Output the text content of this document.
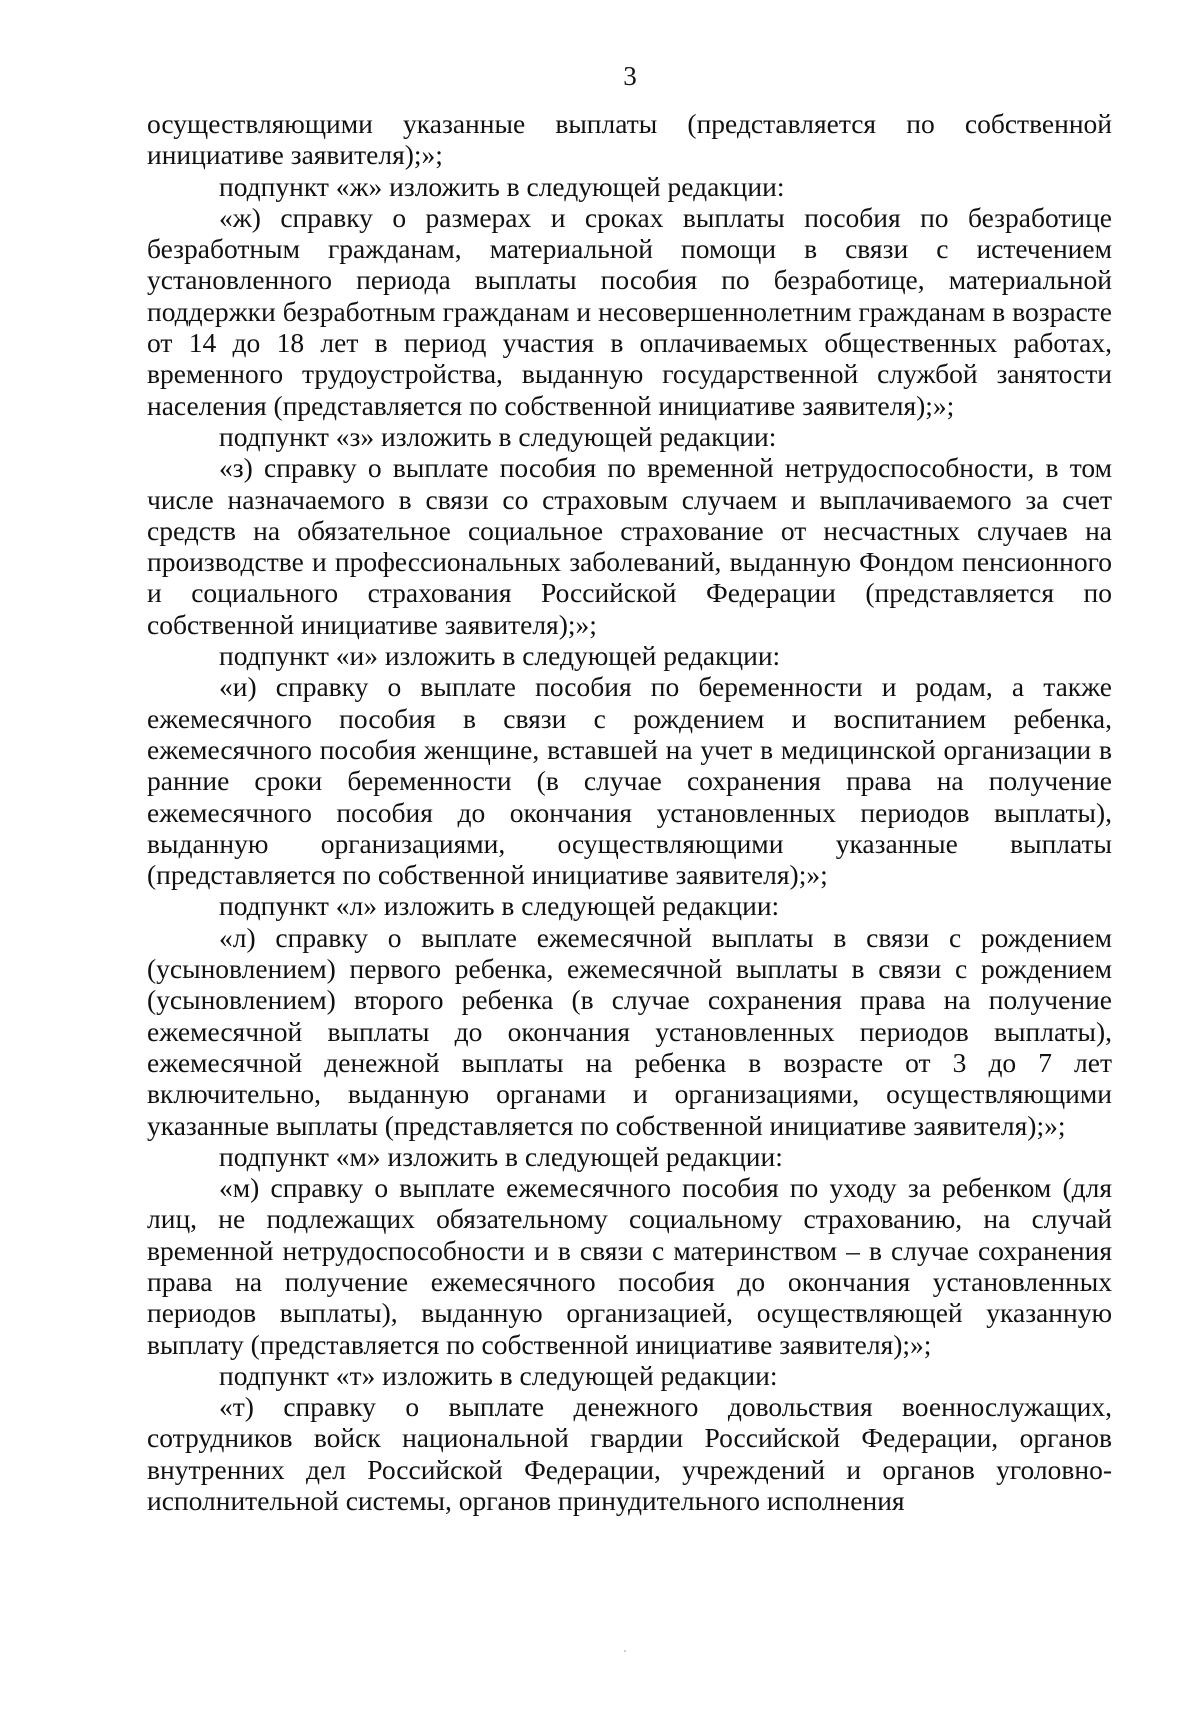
3

осуществляющими указанные выплаты (представляется по собственной инициативе заявителя);»;

подпункт «ж» изложить в следующей редакции:

«ж) справку о размерах и сроках выплаты пособия по безработице безработным гражданам, материальной помощи в связи с истечением установленного периода выплаты пособия по безработице, материальной поддержки безработным гражданам и несовершеннолетним гражданам в возрасте от 14 до 18 лет в период участия в оплачиваемых общественных работах, временного трудоустройства, выданную государственной службой занятости населения (представляется по собственной инициативе заявителя);»;

подпункт «з» изложить в следующей редакции:

«з) справку о выплате пособия по временной нетрудоспособности, в том числе назначаемого в связи со страховым случаем и выплачиваемого за счет средств на обязательное социальное страхование от несчастных случаев на производстве и профессиональных заболеваний, выданную Фондом пенсионного и социального страхования Российской Федерации (представляется по собственной инициативе заявителя);»;

подпункт «и» изложить в следующей редакции:

«и) справку о выплате пособия по беременности и родам, а также ежемесячного пособия в связи с рождением и воспитанием ребенка, ежемесячного пособия женщине, вставшей на учет в медицинской организации в ранние сроки беременности (в случае сохранения права на получение ежемесячного пособия до окончания установленных периодов выплаты), выданную организациями, осуществляющими указанные выплаты (представляется по собственной инициативе заявителя);»;

подпункт «л» изложить в следующей редакции:

«л) справку о выплате ежемесячной выплаты в связи с рождением (усыновлением) первого ребенка, ежемесячной выплаты в связи с рождением (усыновлением) второго ребенка (в случае сохранения права на получение ежемесячной выплаты до окончания установленных периодов выплаты), ежемесячной денежной выплаты на ребенка в возрасте от 3 до 7 лет включительно, выданную органами и организациями, осуществляющими указанные выплаты (представляется по собственной инициативе заявителя);»;

подпункт «м» изложить в следующей редакции:

«м) справку о выплате ежемесячного пособия по уходу за ребенком (для лиц, не подлежащих обязательному социальному страхованию, на случай временной нетрудоспособности и в связи с материнством – в случае сохранения права на получение ежемесячного пособия до окончания установленных периодов выплаты), выданную организацией, осуществляющей указанную выплату (представляется по собственной инициативе заявителя);»;

подпункт «т» изложить в следующей редакции:

«т) справку о выплате денежного довольствия военнослужащих, сотрудников войск национальной гвардии Российской Федерации, органов внутренних дел Российской Федерации, учреждений и органов уголовно-исполнительной системы, органов принудительного исполнения
